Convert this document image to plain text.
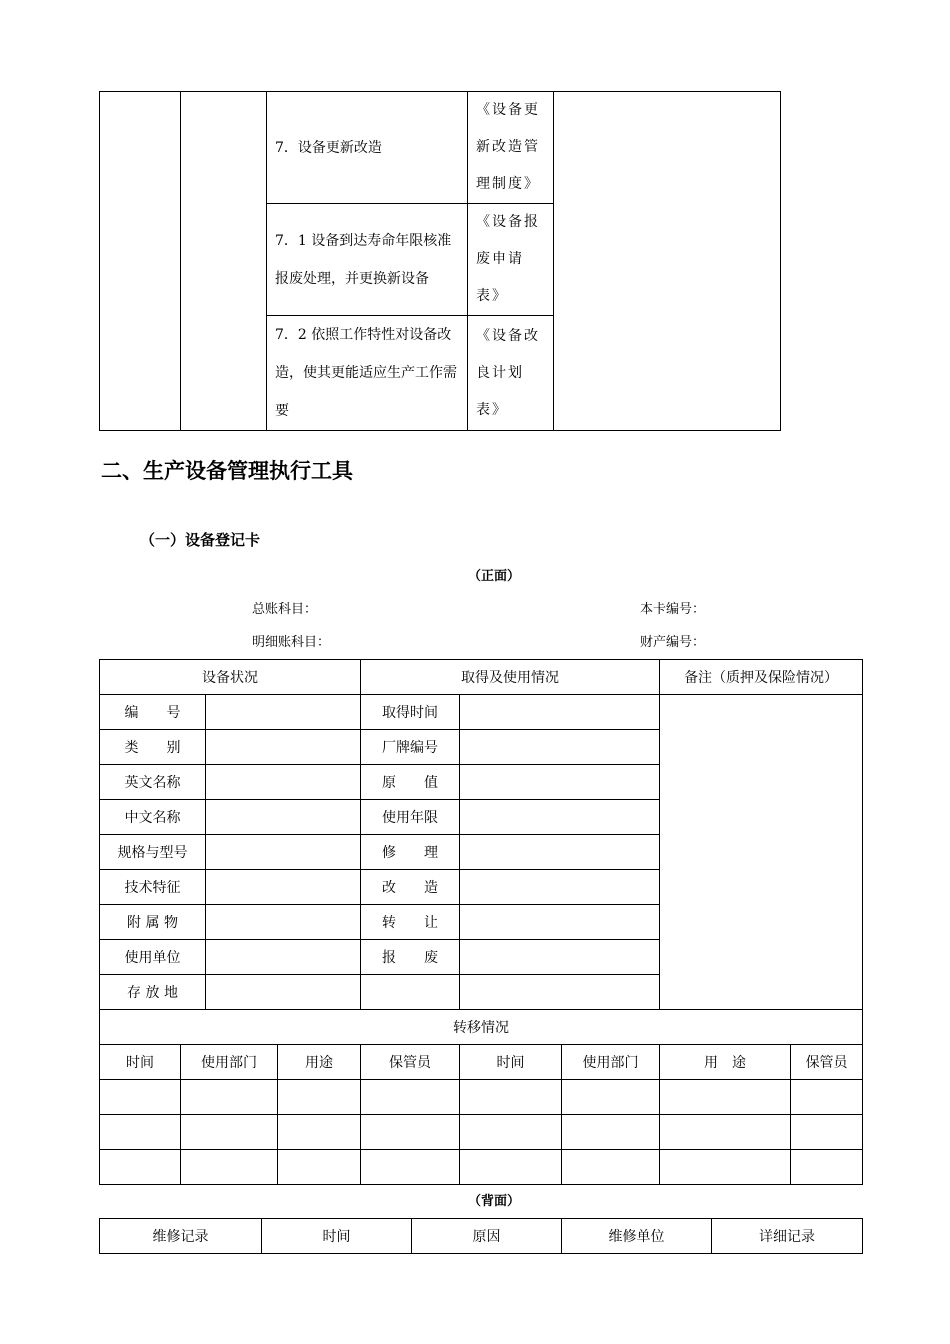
		7．设备更新改造	《设备更新改造管理制度》	

		7．1 设备到达寿命年限核准报废处理，并更换新设备	《设备报废申请表》	

		7．2 依照工作特性对设备改造，使其更能适应生产工作需要	《设备改良计划表》	
二、生产设备管理执行工具
（一）设备登记卡
（正面）
总账科目：	本卡编号：
明细账科目：	财产编号：
设备状况				取得及使用情况			备注（质押及保险情况）	
编　　号				取得时间				
类　　别				厂牌编号				
英文名称				原　　值				
中文名称				使用年限				
规格与型号				修　　理				
技术特征				改　　造				
附 属 物				转　　让				
使用单位				报　　废				
存 放 地								
转移情况								
时间	使用部门		用途	保管员	时间	使用部门	用　途	保管员

（背面）
维修记录	时间	原因	维修单位	详细记录
